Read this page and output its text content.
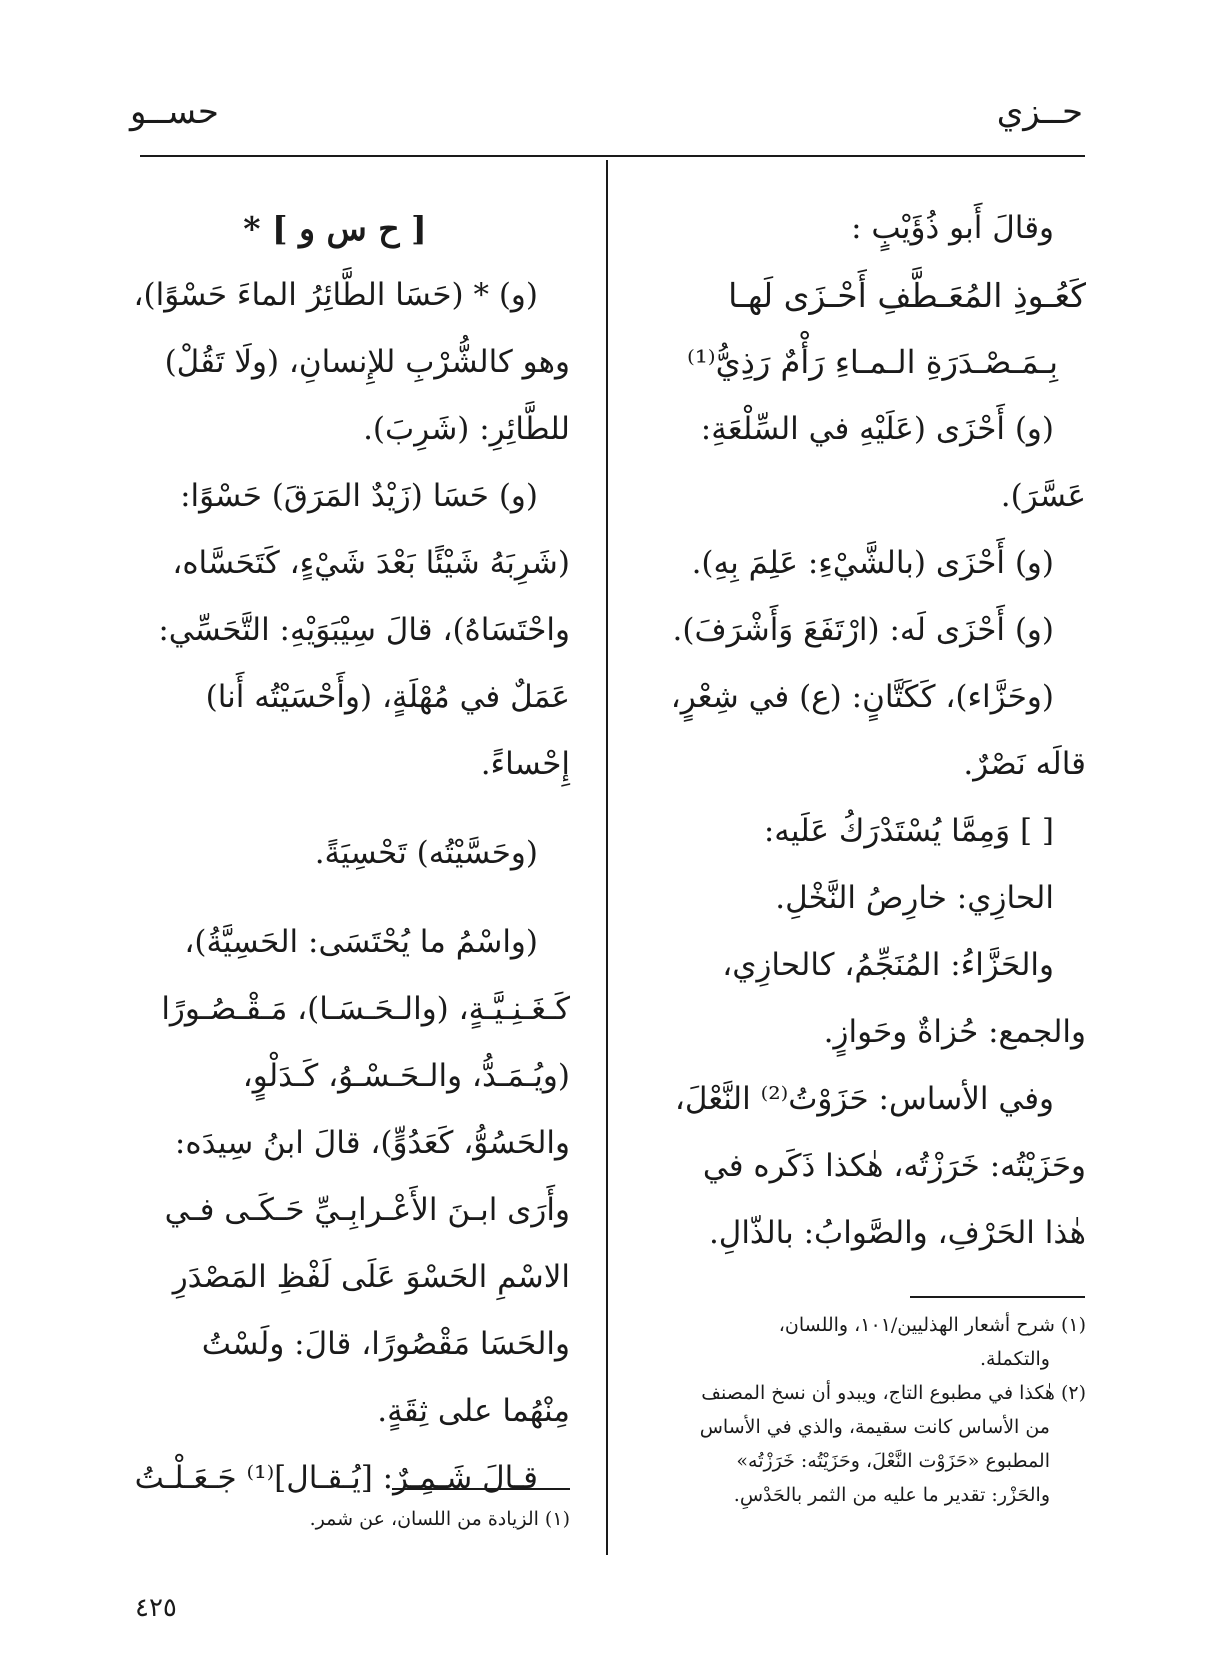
حــزي
حســو
وقالَ أَبو ذُؤَيْبٍ :
كَعُـوذِ المُعَـطَّفِ أَحْـزَى لَهـا
بِـمَـصْـدَرَةِ الـمـاءِ رَأْمٌ رَذِيُّ⁽¹⁾
(و) أَحْزَى (عَلَيْهِ في السِّلْعَةِ:
عَسَّرَ).
(و) أَحْزَى (بالشَّيْءِ: عَلِمَ بِهِ).
(و) أَحْزَى لَه: (ارْتَفَعَ وَأَشْرَفَ).
(وحَزَّاء)، كَكَتَّانٍ: (ع) في شِعْرٍ،
قالَه نَصْرٌ.
[ ] وَمِمَّا يُسْتَدْرَكُ عَلَيه:
الحازِي: خارِصُ النَّخْلِ.
والحَزَّاءُ: المُنَجِّمُ، كالحازِي،
والجمع: حُزاةٌ وحَوازٍ.
وفي الأساس: حَزَوْتُ⁽²⁾ النَّعْلَ،
وحَزَيْتُه: خَرَزْتُه، هٰكذا ذَكَره في
هٰذا الحَرْفِ، والصَّوابُ: بالذّالِ.
(١) شرح أشعار الهذليين/١٠١، واللسان،
والتكملة.
(٢) هٰكذا في مطبوع التاج، ويبدو أن نسخ المصنف
من الأساس كانت سقيمة، والذي في الأساس
المطبوع «حَزَوْت النَّعْلَ، وحَزَيْتُه: خَرَزْتُه»
والحَزْر: تقدير ما عليه من الثمر بالحَدْسِ.
[ ح س و ] *
(و) * (حَسَا الطَّائِرُ الماءَ حَسْوًا)،
وهو كالشُّرْبِ للإِنسانِ، (ولَا تَقُلْ)
للطَّائِرِ: (شَرِبَ).
(و) حَسَا (زَيْدٌ المَرَقَ) حَسْوًا:
(شَرِبَهُ شَيْئًا بَعْدَ شَيْءٍ، كَتَحَسَّاه،
واحْتَسَاهُ)، قالَ سِيْبَوَيْهِ: التَّحَسِّي:
عَمَلٌ في مُهْلَةٍ، (وأَحْسَيْتُه أَنا)
إِحْساءً.
(وحَسَّيْتُه) تَحْسِيَةً.
(واسْمُ ما يُحْتَسَى: الحَسِيَّةُ)،
كَـغَـنِـيَّـةٍ، (والـحَـسَـا)، مَـقْـصُـورًا
(ويُـمَـدُّ، والـحَـسْـوُ، كَـدَلْوٍ،
والحَسُوُّ، كَعَدُوٍّ)، قالَ ابنُ سِيدَه:
وأَرَى ابـنَ الأَعْـرابِـيِّ حَـكَـى فـي
الاسْمِ الحَسْوَ عَلَى لَفْظِ المَصْدَرِ
والحَسَا مَقْصُورًا، قالَ: ولَسْتُ
مِنْهُما على ثِقَةٍ.
قـالَ شَـمِـرٌ: [يُـقـال]⁽¹⁾ جَـعَـلْـتُ
(١) الزيادة من اللسان، عن شمر.
٤٢٥
